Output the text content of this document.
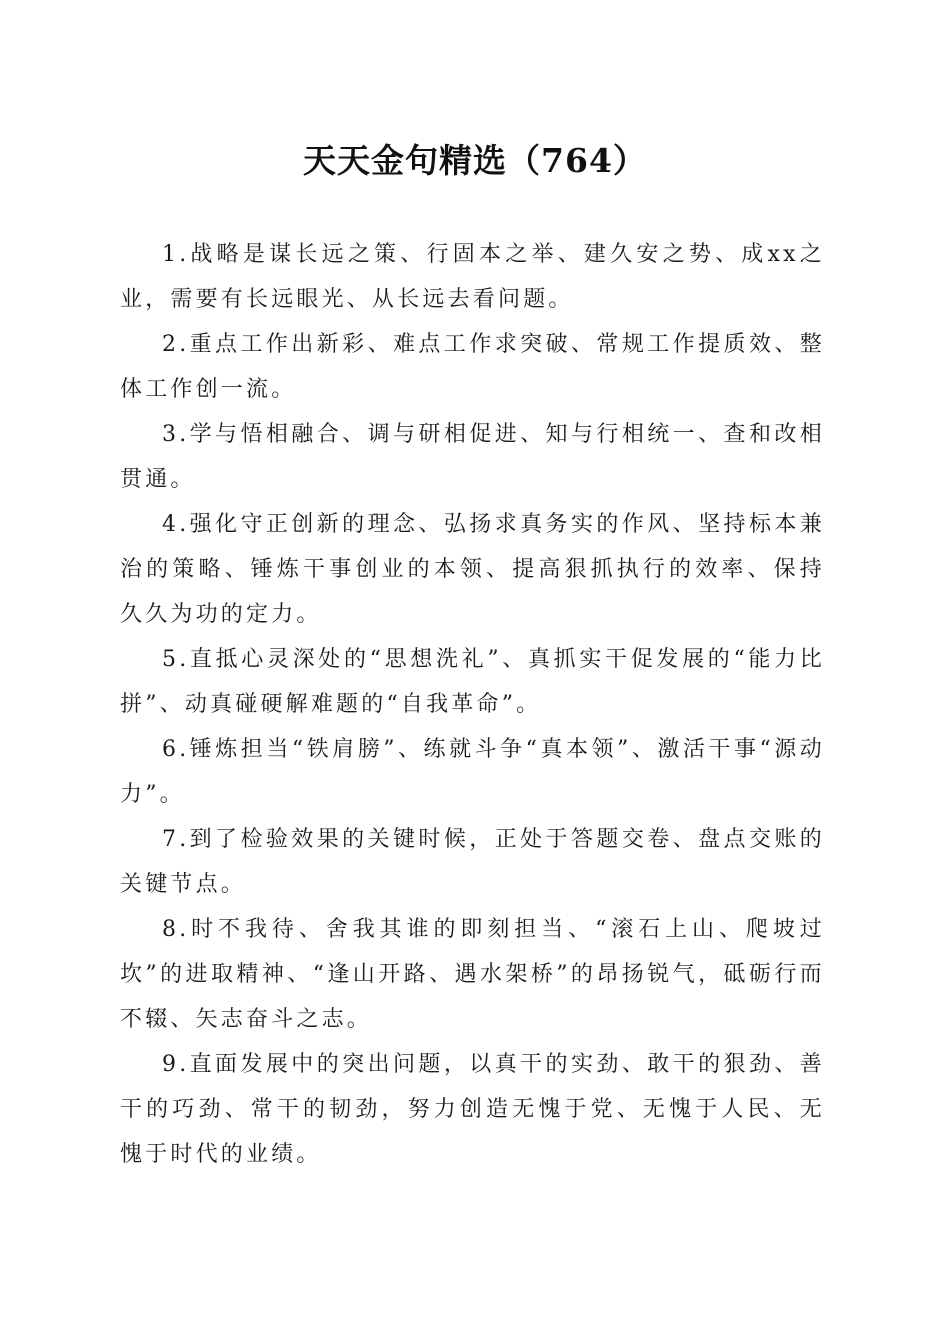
天天金句精选（764）

1.战略是谋长远之策、行固本之举、建久安之势、成xx之业，需要有长远眼光、从长远去看问题。

2.重点工作出新彩、难点工作求突破、常规工作提质效、整体工作创一流。

3.学与悟相融合、调与研相促进、知与行相统一、查和改相贯通。

4.强化守正创新的理念、弘扬求真务实的作风、坚持标本兼治的策略、锤炼干事创业的本领、提高狠抓执行的效率、保持久久为功的定力。

5.直抵心灵深处的“思想洗礼”、真抓实干促发展的“能力比拼”、动真碰硬解难题的“自我革命”。

6.锤炼担当“铁肩膀”、练就斗争“真本领”、激活干事“源动力”。

7.到了检验效果的关键时候，正处于答题交卷、盘点交账的关键节点。

8.时不我待、舍我其谁的即刻担当、“滚石上山、爬坡过坎”的进取精神、“逢山开路、遇水架桥”的昂扬锐气，砥砺行而不辍、矢志奋斗之志。

9.直面发展中的突出问题，以真干的实劲、敢干的狠劲、善干的巧劲、常干的韧劲，努力创造无愧于党、无愧于人民、无愧于时代的业绩。
